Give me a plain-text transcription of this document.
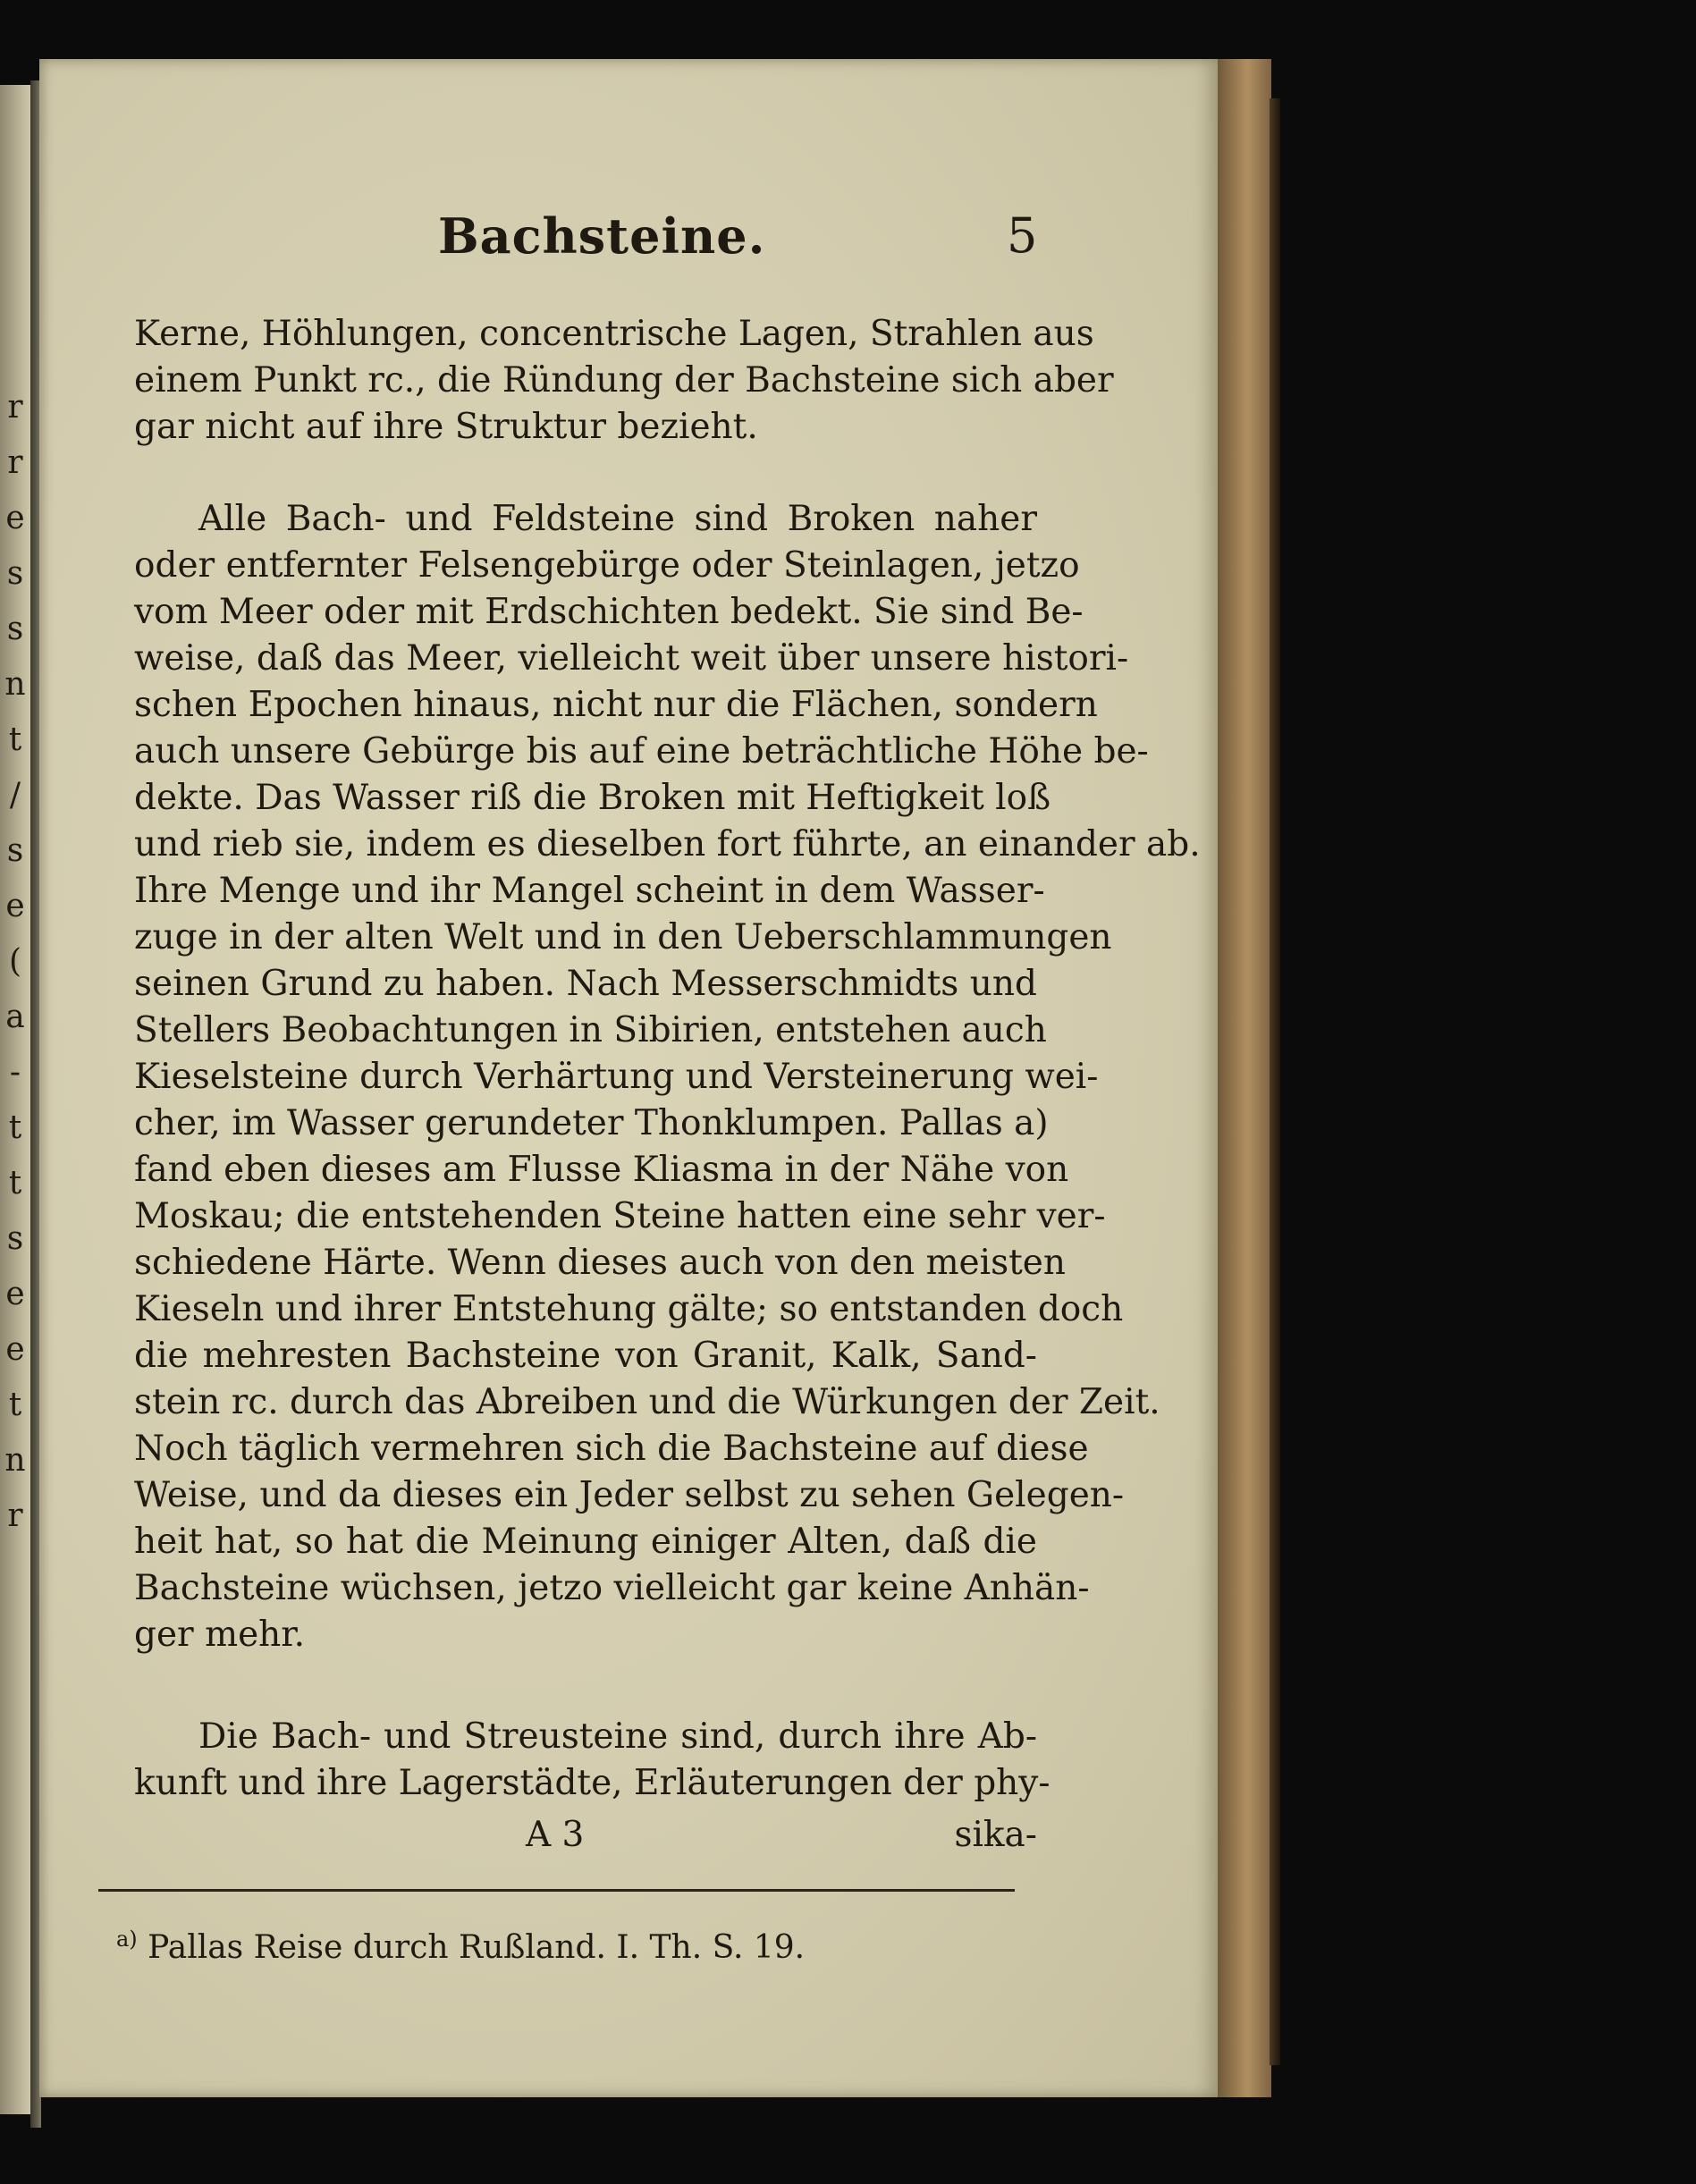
r
r
e
s
s
n
t
/
s
e
(
a
-
t
t
s
e
e
t
n
r
Bachsteine.	5
Kerne, Höhlungen, concentrische Lagen, Strahlen aus
einem Punkt rc., die Ründung der Bachsteine sich aber
gar nicht auf ihre Struktur bezieht.
Alle Bach- und Feldsteine sind Broken naher
oder entfernter Felsengebürge oder Steinlagen, jetzo
vom Meer oder mit Erdschichten bedekt. Sie sind Be-
weise, daß das Meer, vielleicht weit über unsere histori-
schen Epochen hinaus, nicht nur die Flächen, sondern
auch unsere Gebürge bis auf eine beträchtliche Höhe be-
dekte. Das Wasser riß die Broken mit Heftigkeit loß
und rieb sie, indem es dieselben fort führte, an einander ab.
Ihre Menge und ihr Mangel scheint in dem Wasser-
zuge in der alten Welt und in den Ueberschlammungen
seinen Grund zu haben. Nach Messerschmidts und
Stellers Beobachtungen in Sibirien, entstehen auch
Kieselsteine durch Verhärtung und Versteinerung wei-
cher, im Wasser gerundeter Thonklumpen. Pallas a)
fand eben dieses am Flusse Kliasma in der Nähe von
Moskau; die entstehenden Steine hatten eine sehr ver-
schiedene Härte. Wenn dieses auch von den meisten
Kieseln und ihrer Entstehung gälte; so entstanden doch
die mehresten Bachsteine von Granit, Kalk, Sand-
stein rc. durch das Abreiben und die Würkungen der Zeit.
Noch täglich vermehren sich die Bachsteine auf diese
Weise, und da dieses ein Jeder selbst zu sehen Gelegen-
heit hat, so hat die Meinung einiger Alten, daß die
Bachsteine wüchsen, jetzo vielleicht gar keine Anhän-
ger mehr.
Die Bach- und Streusteine sind, durch ihre Ab-
kunft und ihre Lagerstädte, Erläuterungen der phy-
A 3	sika-
$^{a)}$ Pallas Reise durch Rußland. I. Th. S. 19.
